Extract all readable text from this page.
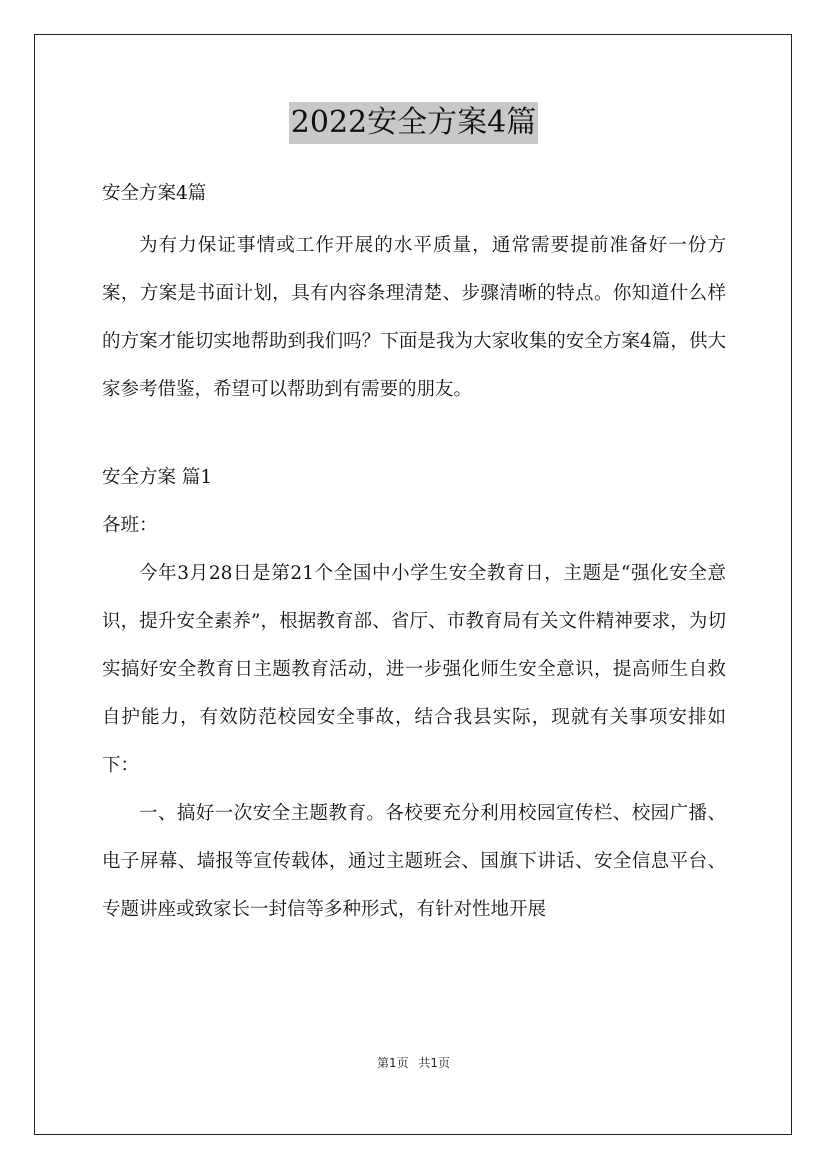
2022安全方案4篇

安全方案4篇

为有力保证事情或工作开展的水平质量，通常需要提前准备好一份方案，方案是书面计划，具有内容条理清楚、步骤清晰的特点。你知道什么样的方案才能切实地帮助到我们吗？下面是我为大家收集的安全方案4篇，供大家参考借鉴，希望可以帮助到有需要的朋友。

安全方案 篇1

各班：

今年3月28日是第21个全国中小学生安全教育日，主题是“强化安全意识，提升安全素养”，根据教育部、省厅、市教育局有关文件精神要求，为切实搞好安全教育日主题教育活动，进一步强化师生安全意识，提高师生自救自护能力，有效防范校园安全事故，结合我县实际，现就有关事项安排如下：

一、搞好一次安全主题教育。各校要充分利用校园宣传栏、校园广播、电子屏幕、墙报等宣传载体，通过主题班会、国旗下讲话、安全信息平台、专题讲座或致家长一封信等多种形式，有针对性地开展

第1页 共1页
